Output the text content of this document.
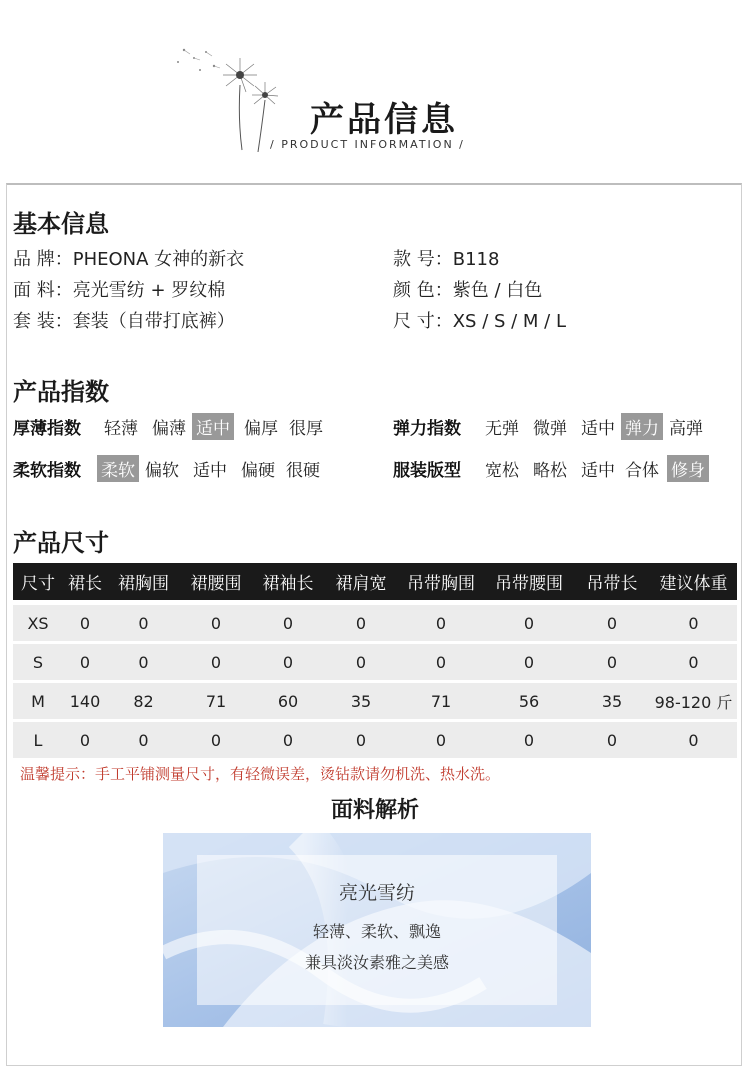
产品信息
/ PRODUCT INFORMATION /
基本信息
品 牌：PHEONA 女神的新衣
面 料：亮光雪纺 + 罗纹棉
套 装：套装（自带打底裤）
款 号：B118
颜 色：紫色 / 白色
尺 寸：XS / S / M / L
产品指数
厚薄指数	轻薄 偏薄 适中 偏厚 很厚	弹力指数	无弹 微弹 适中 弹力 高弹
柔软指数	柔软 偏软 适中 偏硬 很硬	服装版型	宽松 略松 适中 合体 修身
产品尺寸
尺寸 裙长 裙胸围	裙腰围	裙袖长	裙肩宽	吊带胸围	吊带腰围	吊带长	建议体重
XS	0	0	0	0	0	0	0	0	0
S	0	0	0	0	0	0	0	0	0
M	140	82	71	60	35	71	56	35	98-120 斤
L	0	0	0	0	0	0	0	0	0
温馨提示：手工平铺测量尺寸，有轻微误差，烫钻款请勿机洗、热水洗。
面料解析
亮光雪纺
轻薄、柔软、飘逸
兼具淡汝素雅之美感
